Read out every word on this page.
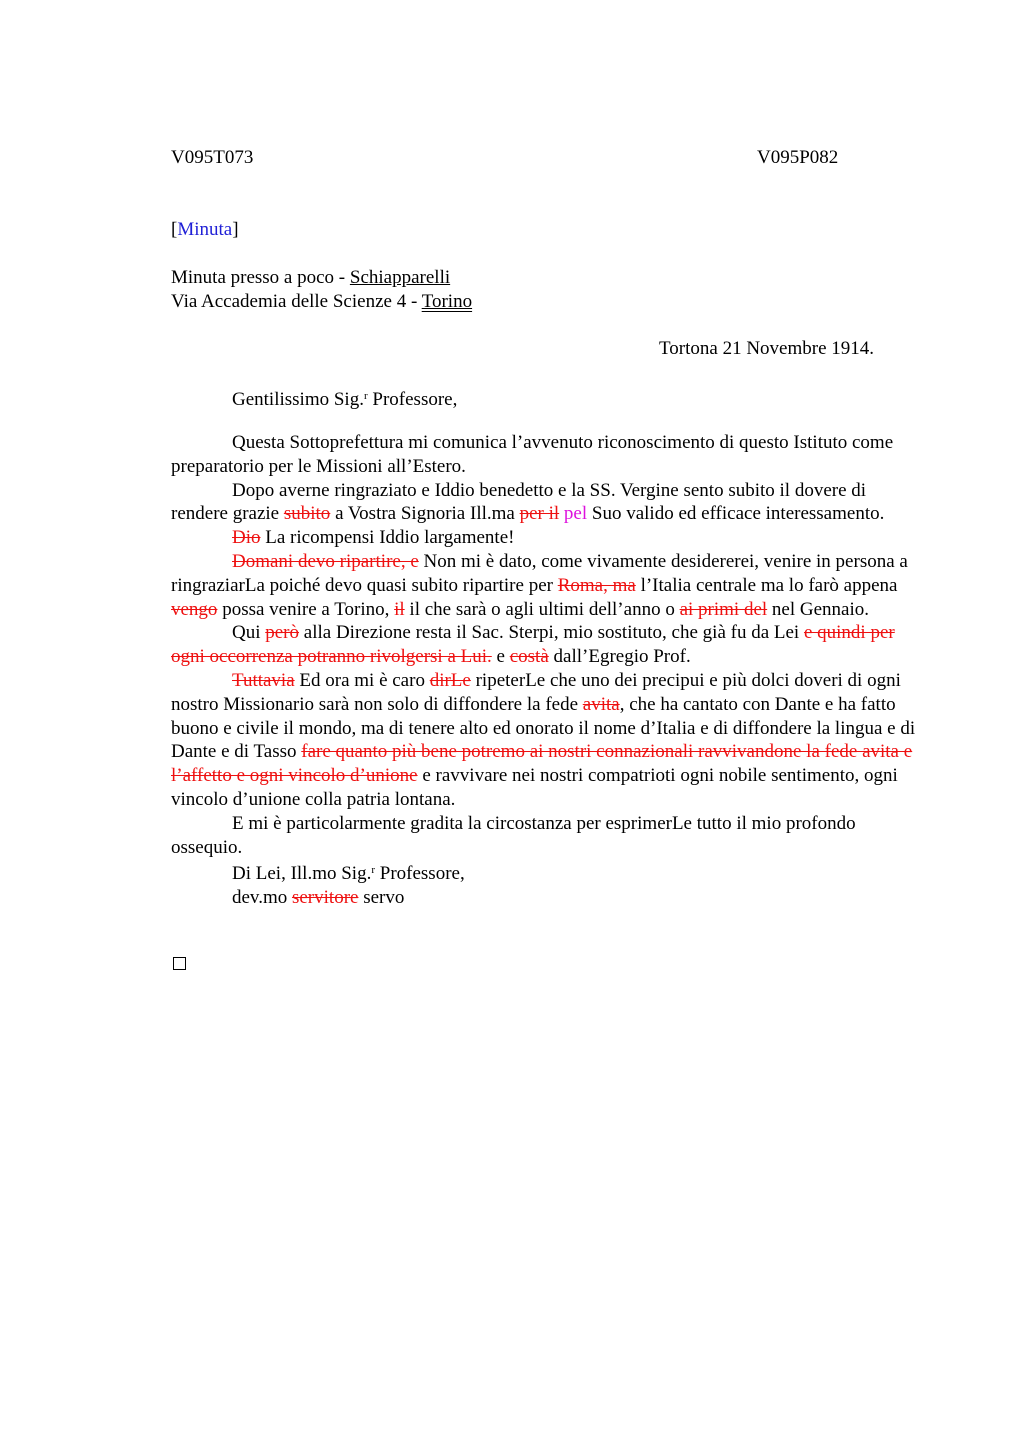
V095T073	V095P082
[Minuta]
Minuta presso a poco - Schiapparelli
Via Accademia delle Scienze 4 - Torino
Tortona 21 Novembre 1914.
Gentilissimo Sig.$^r$ Professore,

Questa Sottoprefettura mi comunica l’avvenuto riconoscimento di questo Istituto come preparatorio per le Missioni all’Estero.

Dopo averne ringraziato e Iddio benedetto e la SS. Vergine sento subito il dovere di rendere grazie subito a Vostra Signoria Ill.ma per il pel Suo valido ed efficace interessamento.

Dio La ricompensi Iddio largamente!

Domani devo ripartire, e Non mi è dato, come vivamente desidererei, venire in persona a ringraziarLa poiché devo quasi subito ripartire per Roma, ma l’Italia centrale ma lo farò appena vengo possa venire a Torino, il il che sarà o agli ultimi dell’anno o ai primi del nel Gennaio.

Qui però alla Direzione resta il Sac. Sterpi, mio sostituto, che già fu da Lei e quindi per ogni occorrenza potranno rivolgersi a Lui. e costà dall’Egregio Prof.

Tuttavia Ed ora mi è caro dirLe ripeterLe che uno dei precipui e più dolci doveri di ogni nostro Missionario sarà non solo di diffondere la fede avita, che ha cantato con Dante e ha fatto buono e civile il mondo, ma di tenere alto ed onorato il nome d’Italia e di diffondere la lingua e di Dante e di Tasso fare quanto più bene potremo ai nostri connazionali ravvivandone la fede avita e l’affetto e ogni vincolo d’unione e ravvivare nei nostri compatrioti ogni nobile sentimento, ogni vincolo d’unione colla patria lontana.

E mi è particolarmente gradita la circostanza per esprimerLe tutto il mio profondo ossequio.

Di Lei, Ill.mo Sig.$^r$ Professore,

dev.mo servitore servo
